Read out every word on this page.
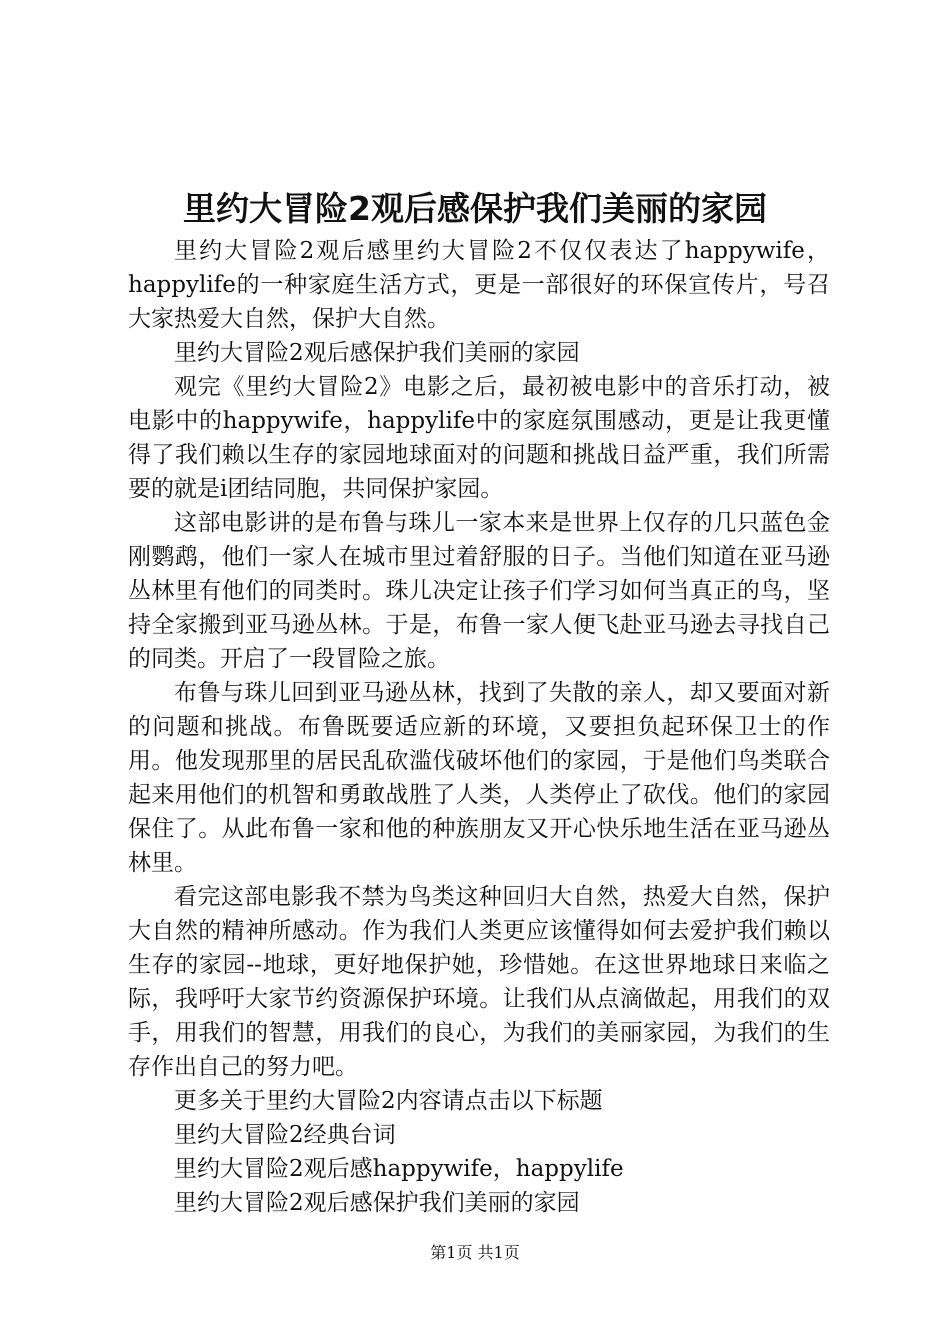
里约大冒险2观后感保护我们美丽的家园

里约大冒险2观后感里约大冒险2不仅仅表达了happywife，happylife的一种家庭生活方式，更是一部很好的环保宣传片，号召大家热爱大自然，保护大自然。

里约大冒险2观后感保护我们美丽的家园

观完《里约大冒险2》电影之后，最初被电影中的音乐打动，被电影中的happywife，happylife中的家庭氛围感动，更是让我更懂得了我们赖以生存的家园地球面对的问题和挑战日益严重，我们所需要的就是i团结同胞，共同保护家园。

这部电影讲的是布鲁与珠儿一家本来是世界上仅存的几只蓝色金刚鹦鹉，他们一家人在城市里过着舒服的日子。当他们知道在亚马逊丛林里有他们的同类时。珠儿决定让孩子们学习如何当真正的鸟，坚持全家搬到亚马逊丛林。于是，布鲁一家人便飞赴亚马逊去寻找自己的同类。开启了一段冒险之旅。

布鲁与珠儿回到亚马逊丛林，找到了失散的亲人，却又要面对新的问题和挑战。布鲁既要适应新的环境，又要担负起环保卫士的作用。他发现那里的居民乱砍滥伐破坏他们的家园，于是他们鸟类联合起来用他们的机智和勇敢战胜了人类，人类停止了砍伐。他们的家园保住了。从此布鲁一家和他的种族朋友又开心快乐地生活在亚马逊丛林里。

看完这部电影我不禁为鸟类这种回归大自然，热爱大自然，保护大自然的精神所感动。作为我们人类更应该懂得如何去爱护我们赖以生存的家园--地球，更好地保护她，珍惜她。在这世界地球日来临之际，我呼吁大家节约资源保护环境。让我们从点滴做起，用我们的双手，用我们的智慧，用我们的良心，为我们的美丽家园，为我们的生存作出自己的努力吧。

更多关于里约大冒险2内容请点击以下标题

里约大冒险2经典台词

里约大冒险2观后感happywife，happylife

里约大冒险2观后感保护我们美丽的家园

第1页 共1页
